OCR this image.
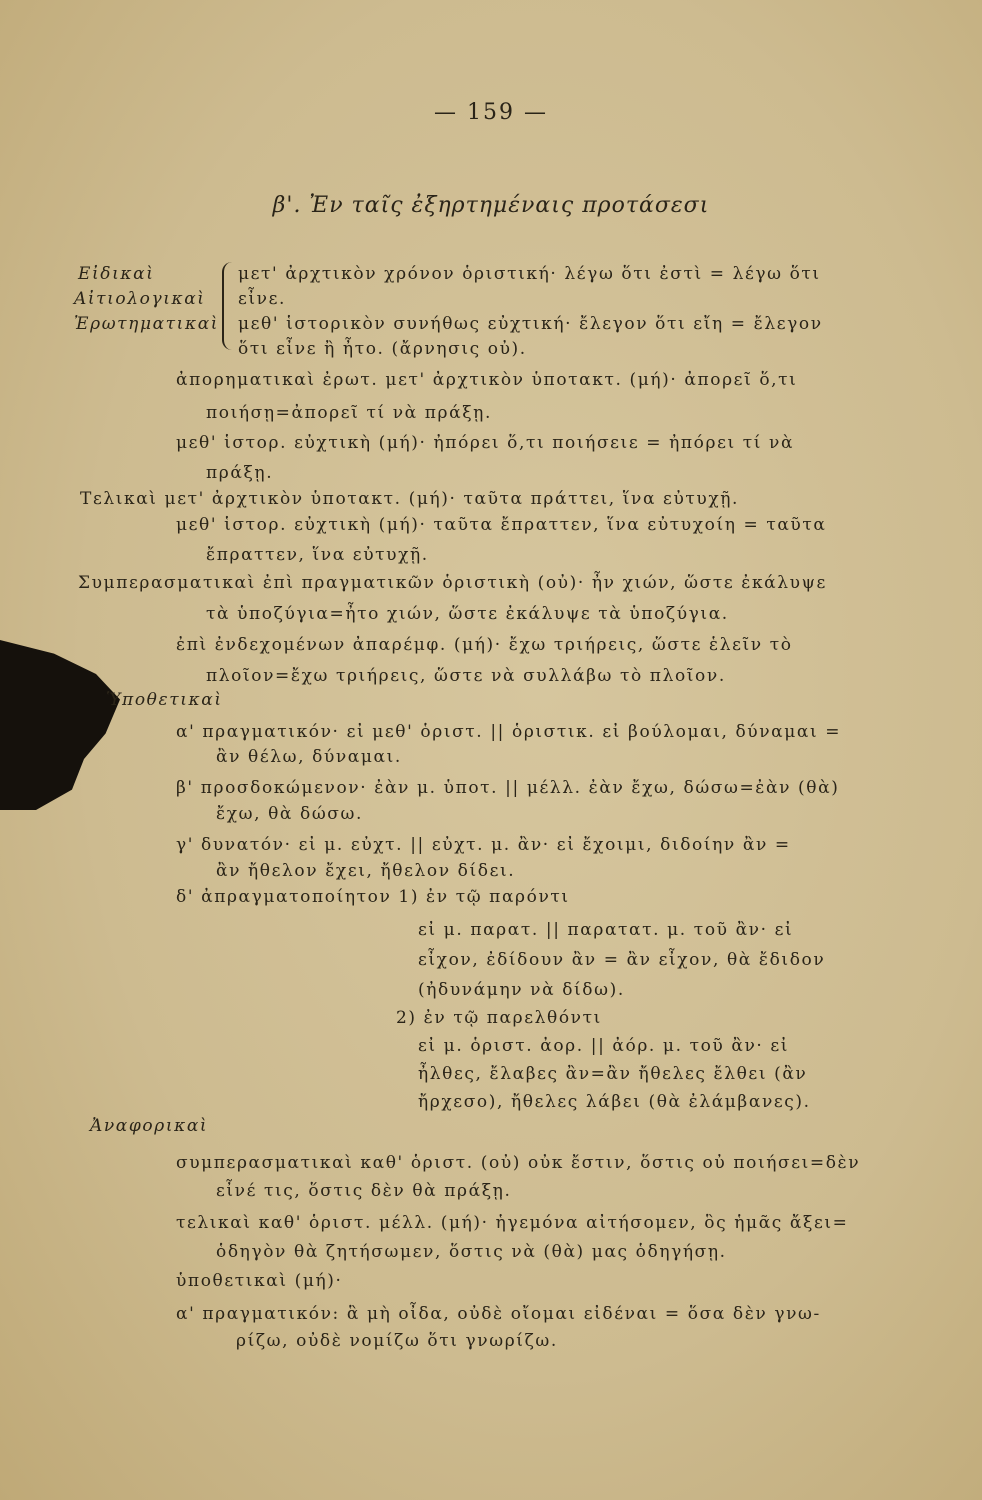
— 159 —
β'. Ἐν ταῖς ἐξηρτημέναις προτάσεσι
Εἰδικαὶ
Αἰτιολογικαὶ
Ἐρωτηματικαὶ
μετ' ἀρχτικὸν χρόνον ὁριστική· λέγω ὅτι ἐστὶ = λέγω ὅτι
εἶνε.
μεθ' ἱστορικὸν συνήθως εὐχτική· ἔλεγον ὅτι εἴη = ἔλεγον
ὅτι εἶνε ἢ ἦτο. (ἄρνησις οὐ).
ἀπορηματικαὶ ἐρωτ. μετ' ἀρχτικὸν ὑποτακτ. (μή)· ἀπορεῖ ὅ,τι
ποιήσῃ=ἀπορεῖ τί νὰ πράξῃ.
μεθ' ἱστορ. εὐχτικὴ (μή)· ἠπόρει ὅ,τι ποιήσειε = ἠπόρει τί νὰ
πράξῃ.
Τελικαὶ μετ' ἀρχτικὸν ὑποτακτ. (μή)· ταῦτα πράττει, ἵνα εὐτυχῇ.
μεθ' ἱστορ. εὐχτικὴ (μή)· ταῦτα ἔπραττεν, ἵνα εὐτυχοίη = ταῦτα
ἔπραττεν, ἵνα εὐτυχῇ.
Συμπερασματικαὶ ἐπὶ πραγματικῶν ὁριστικὴ (οὐ)· ἦν χιών, ὥστε ἐκάλυψε
τὰ ὑποζύγια=ἦτο χιών, ὥστε ἐκάλυψε τὰ ὑποζύγια.
ἐπὶ ἐνδεχομένων ἀπαρέμφ. (μή)· ἔχω τριήρεις, ὥστε ἑλεῖν τὸ
πλοῖον=ἔχω τριήρεις, ὥστε νὰ συλλάβω τὸ πλοῖον.
Ὑποθετικαὶ
α' πραγματικόν· εἰ μεθ' ὁριστ. || ὁριστικ. εἰ βούλομαι, δύναμαι =
ἂν θέλω, δύναμαι.
β' προσδοκώμενον· ἐὰν μ. ὑποτ. || μέλλ. ἐὰν ἔχω, δώσω=ἐὰν (θὰ)
ἔχω, θὰ δώσω.
γ' δυνατόν· εἰ μ. εὐχτ. || εὐχτ. μ. ἂν· εἰ ἔχοιμι, διδοίην ἂν =
ἂν ἤθελον ἔχει, ἤθελον δίδει.
δ' ἀπραγματοποίητον 1) ἐν τῷ παρόντι
εἰ μ. παρατ. || παρατατ. μ. τοῦ ἂν· εἰ
εἶχον, ἐδίδουν ἂν = ἂν εἶχον, θὰ ἔδιδον
(ἠδυνάμην νὰ δίδω).
2) ἐν τῷ παρελθόντι
εἰ μ. ὁριστ. ἀορ. || ἀόρ. μ. τοῦ ἂν· εἰ
ἦλθες, ἔλαβες ἂν=ἂν ἤθελες ἔλθει (ἂν
ἤρχεσο), ἤθελες λάβει (θὰ ἐλάμβανες).
Ἀναφορικαὶ
συμπερασματικαὶ καθ' ὁριστ. (οὐ) οὐκ ἔστιν, ὅστις οὐ ποιήσει=δὲν
εἶνέ τις, ὅστις δὲν θὰ πράξῃ.
τελικαὶ καθ' ὁριστ. μέλλ. (μή)· ἡγεμόνα αἰτήσομεν, ὃς ἡμᾶς ἄξει=
ὁδηγὸν θὰ ζητήσωμεν, ὅστις νὰ (θὰ) μας ὁδηγήσῃ.
ὑποθετικαὶ (μή)·
α' πραγματικόν: ἃ μὴ οἶδα, οὐδὲ οἴομαι εἰδέναι = ὅσα δὲν γνω-
ρίζω, οὐδὲ νομίζω ὅτι γνωρίζω.
